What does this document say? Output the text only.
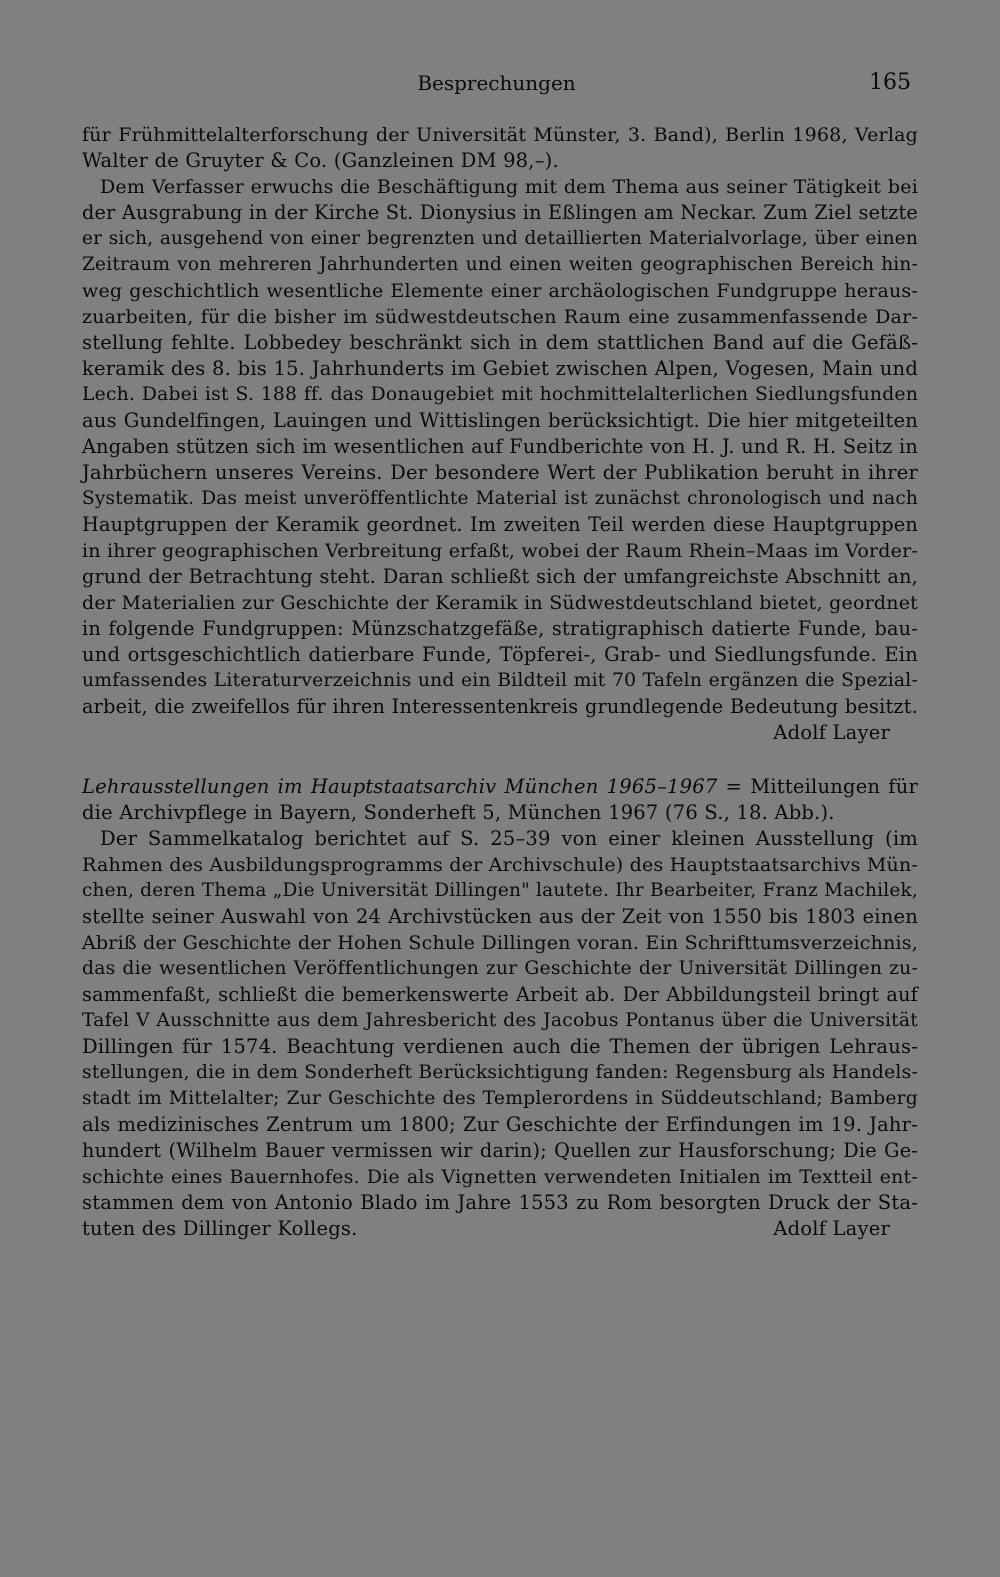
Besprechungen	165
für Frühmittelalterforschung der Universität Münster, 3. Band), Berlin 1968, Verlag
Walter de Gruyter & Co. (Ganzleinen DM 98,–).
Dem Verfasser erwuchs die Beschäftigung mit dem Thema aus seiner Tätigkeit bei
der Ausgrabung in der Kirche St. Dionysius in Eßlingen am Neckar. Zum Ziel setzte
er sich, ausgehend von einer begrenzten und detaillierten Materialvorlage, über einen
Zeitraum von mehreren Jahrhunderten und einen weiten geographischen Bereich hin-
weg geschichtlich wesentliche Elemente einer archäologischen Fundgruppe heraus-
zuarbeiten, für die bisher im südwestdeutschen Raum eine zusammenfassende Dar-
stellung fehlte. Lobbedey beschränkt sich in dem stattlichen Band auf die Gefäß-
keramik des 8. bis 15. Jahrhunderts im Gebiet zwischen Alpen, Vogesen, Main und
Lech. Dabei ist S. 188 ff. das Donaugebiet mit hochmittelalterlichen Siedlungsfunden
aus Gundelfingen, Lauingen und Wittislingen berücksichtigt. Die hier mitgeteilten
Angaben stützen sich im wesentlichen auf Fundberichte von H. J. und R. H. Seitz in
Jahrbüchern unseres Vereins. Der besondere Wert der Publikation beruht in ihrer
Systematik. Das meist unveröffentlichte Material ist zunächst chronologisch und nach
Hauptgruppen der Keramik geordnet. Im zweiten Teil werden diese Hauptgruppen
in ihrer geographischen Verbreitung erfaßt, wobei der Raum Rhein–Maas im Vorder-
grund der Betrachtung steht. Daran schließt sich der umfangreichste Abschnitt an,
der Materialien zur Geschichte der Keramik in Südwestdeutschland bietet, geordnet
in folgende Fundgruppen: Münzschatzgefäße, stratigraphisch datierte Funde, bau-
und ortsgeschichtlich datierbare Funde, Töpferei-, Grab- und Siedlungsfunde. Ein
umfassendes Literaturverzeichnis und ein Bildteil mit 70 Tafeln ergänzen die Spezial-
arbeit, die zweifellos für ihren Interessentenkreis grundlegende Bedeutung besitzt.
Adolf Layer
Lehrausstellungen im Hauptstaatsarchiv München 1965–1967 = Mitteilungen für
die Archivpflege in Bayern, Sonderheft 5, München 1967 (76 S., 18. Abb.).
Der Sammelkatalog berichtet auf S. 25–39 von einer kleinen Ausstellung (im
Rahmen des Ausbildungsprogramms der Archivschule) des Hauptstaatsarchivs Mün-
chen, deren Thema „Die Universität Dillingen" lautete. Ihr Bearbeiter, Franz Machilek,
stellte seiner Auswahl von 24 Archivstücken aus der Zeit von 1550 bis 1803 einen
Abriß der Geschichte der Hohen Schule Dillingen voran. Ein Schrifttumsverzeichnis,
das die wesentlichen Veröffentlichungen zur Geschichte der Universität Dillingen zu-
sammenfaßt, schließt die bemerkenswerte Arbeit ab. Der Abbildungsteil bringt auf
Tafel V Ausschnitte aus dem Jahresbericht des Jacobus Pontanus über die Universität
Dillingen für 1574. Beachtung verdienen auch die Themen der übrigen Lehraus-
stellungen, die in dem Sonderheft Berücksichtigung fanden: Regensburg als Handels-
stadt im Mittelalter; Zur Geschichte des Templerordens in Süddeutschland; Bamberg
als medizinisches Zentrum um 1800; Zur Geschichte der Erfindungen im 19. Jahr-
hundert (Wilhelm Bauer vermissen wir darin); Quellen zur Hausforschung; Die Ge-
schichte eines Bauernhofes. Die als Vignetten verwendeten Initialen im Textteil ent-
stammen dem von Antonio Blado im Jahre 1553 zu Rom besorgten Druck der Sta-
tuten des Dillinger Kollegs.	Adolf Layer
